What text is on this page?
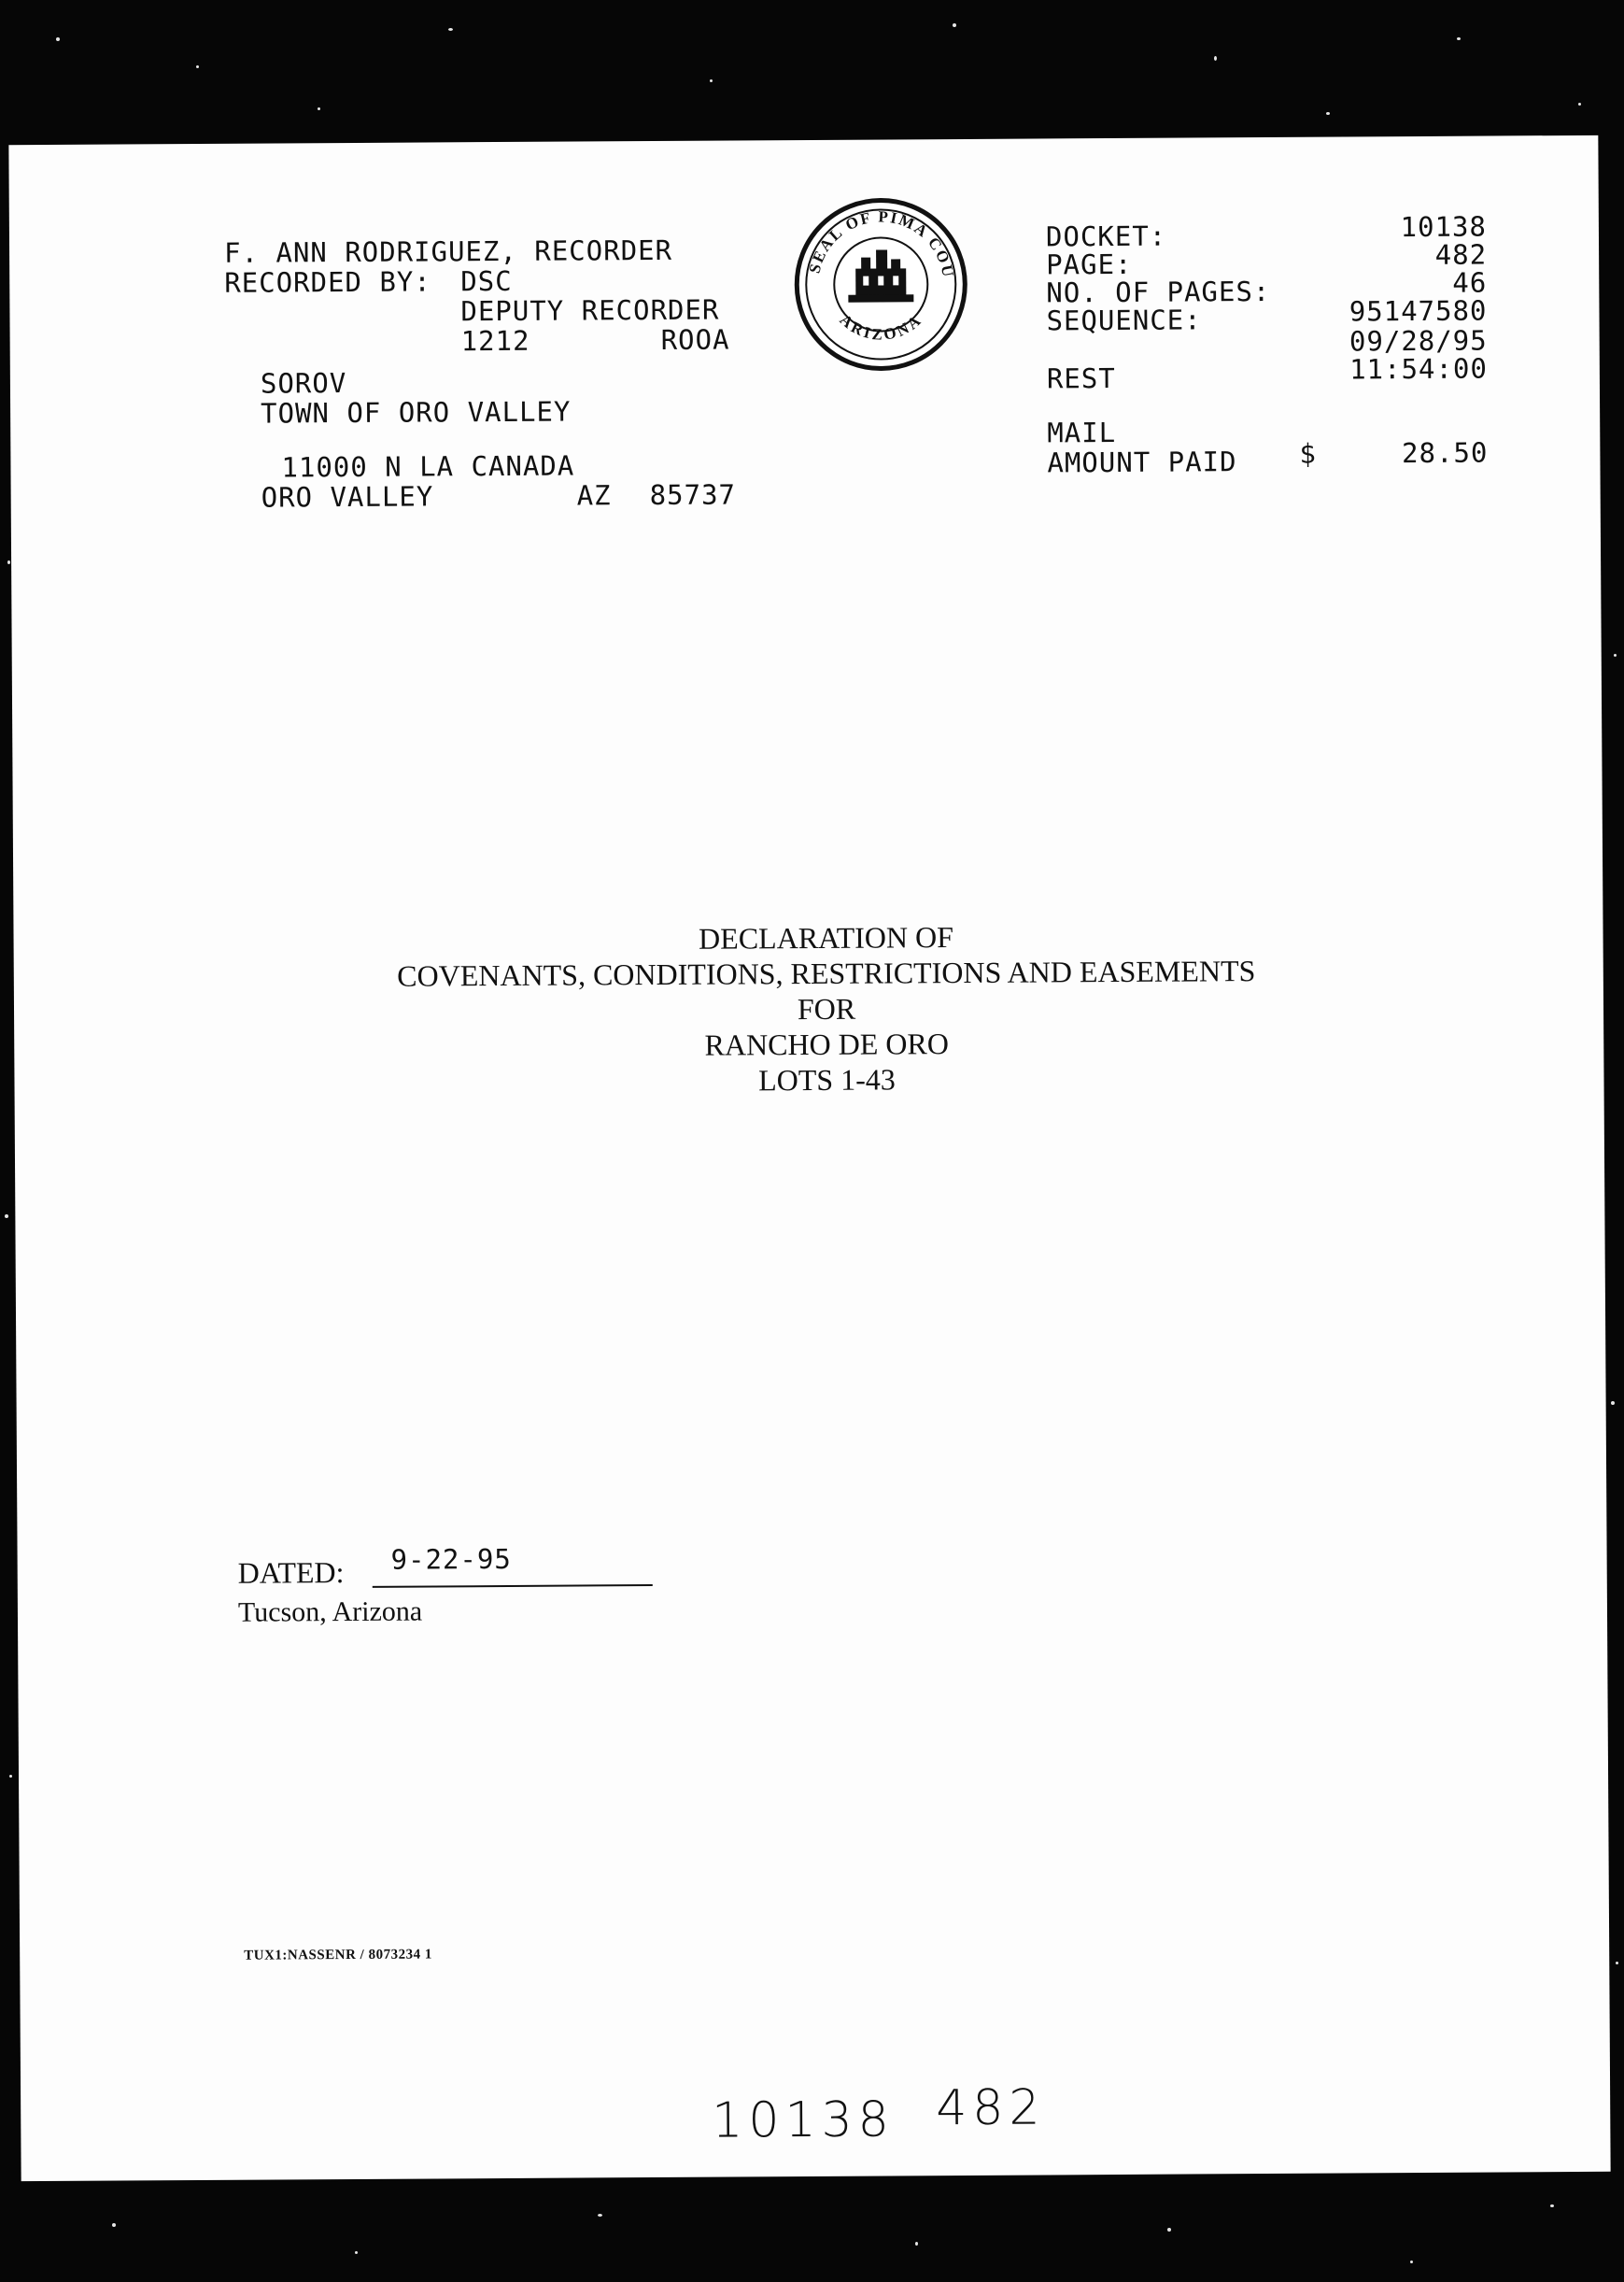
F. ANN RODRIGUEZ, RECORDER
RECORDED BY: DSC
DEPUTY RECORDER
1212	ROOA
SOROV
TOWN OF ORO VALLEY
11000 N LA CANADA
ORO VALLEY	AZ 85737
SEAL OF PIMA COUNTY
ARIZONA
DOCKET:	10138
PAGE:	482
NO. OF PAGES:	46
SEQUENCE:	95147580
09/28/95
REST	11:54:00
MAIL
AMOUNT PAID $	28.50
DECLARATION OF
COVENANTS, CONDITIONS, RESTRICTIONS AND EASEMENTS
FOR
RANCHO DE ORO
LOTS 1-43
DATED: 9-22-95
Tucson, Arizona
TUX1:NASSENR / 8073234 1
10138 482
